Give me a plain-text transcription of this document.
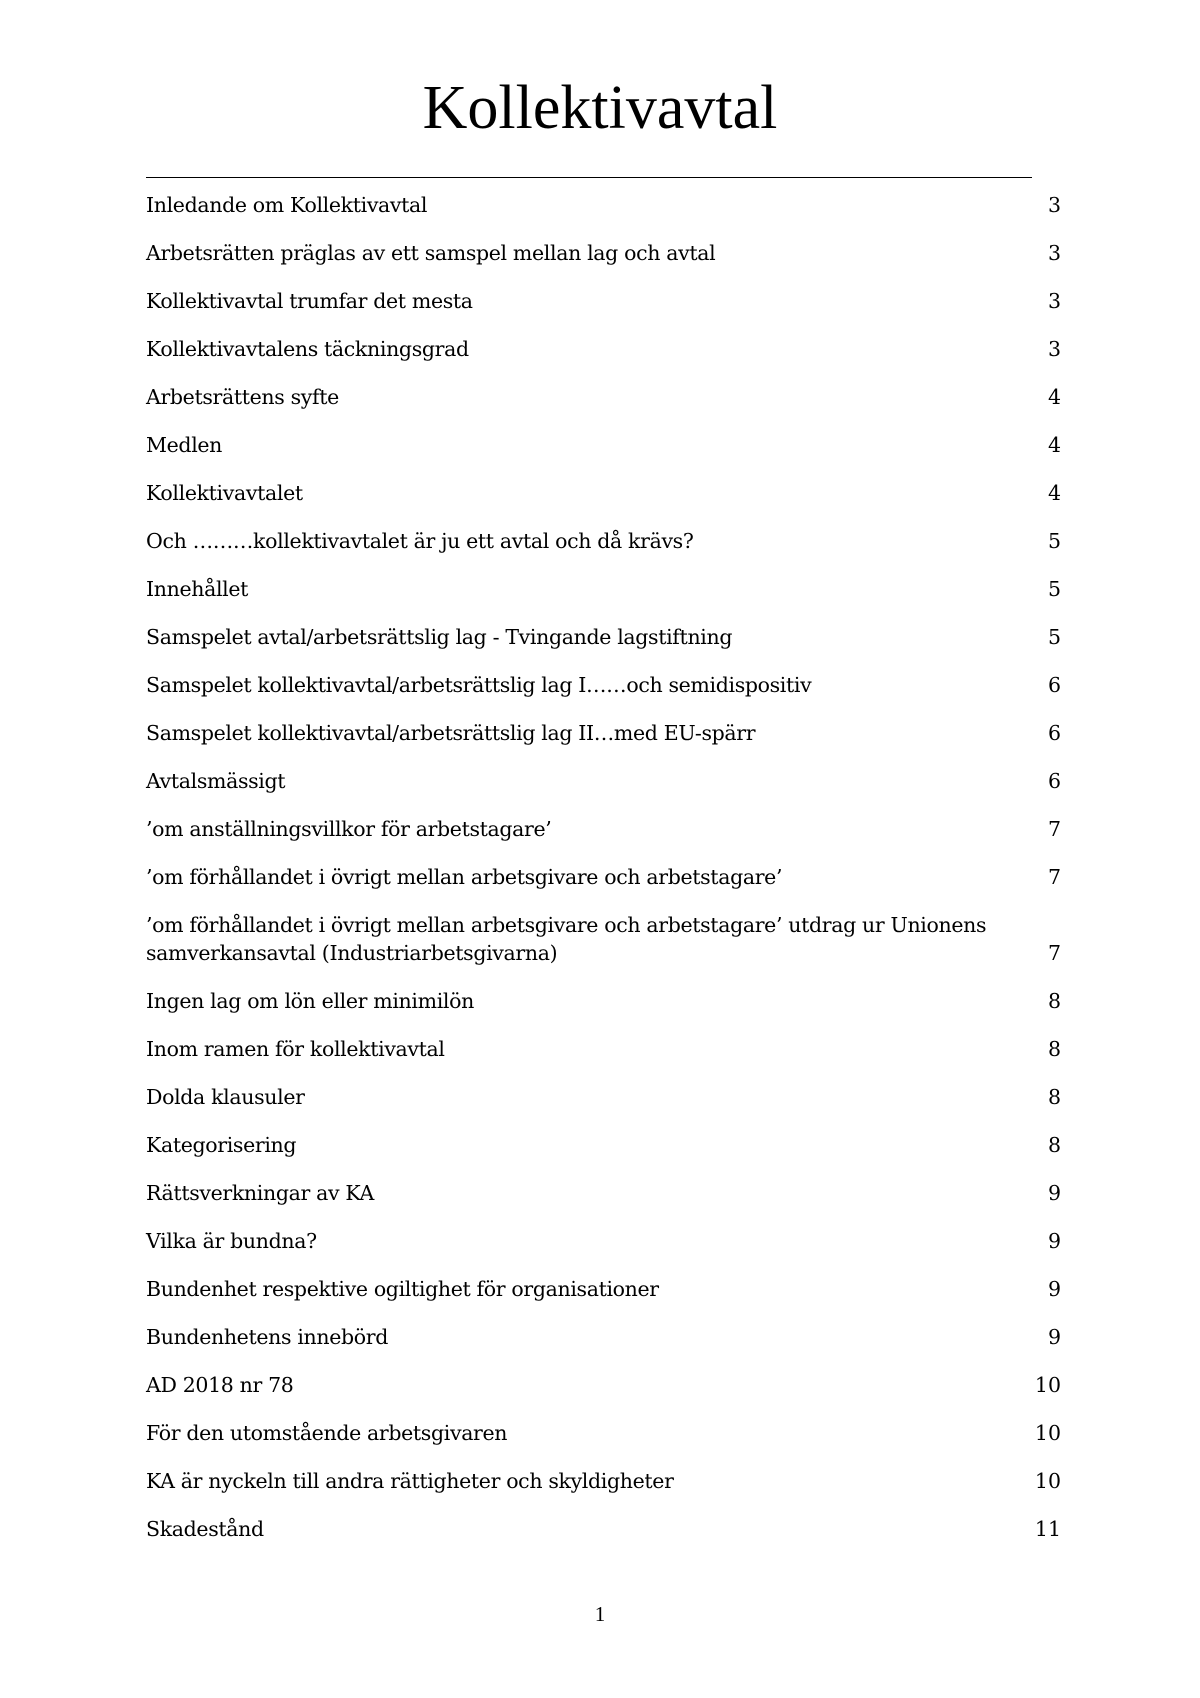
Kollektivavtal
Inledande om Kollektivavtal	3
Arbetsrätten präglas av ett samspel mellan lag och avtal	3
Kollektivavtal trumfar det mesta	3
Kollektivavtalens täckningsgrad	3
Arbetsrättens syfte	4
Medlen	4
Kollektivavtalet	4
Och ………kollektivavtalet är ju ett avtal och då krävs?	5
Innehållet	5
Samspelet avtal/arbetsrättslig lag - Tvingande lagstiftning	5
Samspelet kollektivavtal/arbetsrättslig lag I……och semidispositiv	6
Samspelet kollektivavtal/arbetsrättslig lag II…med EU-spärr	6
Avtalsmässigt	6
’om anställningsvillkor för arbetstagare’	7
’om förhållandet i övrigt mellan arbetsgivare och arbetstagare’	7
’om förhållandet i övrigt mellan arbetsgivare och arbetstagare’ utdrag ur Unionens samverkansavtal (Industriarbetsgivarna)	7
Ingen lag om lön eller minimilön	8
Inom ramen för kollektivavtal	8
Dolda klausuler	8
Kategorisering	8
Rättsverkningar av KA	9
Vilka är bundna?	9
Bundenhet respektive ogiltighet för organisationer	9
Bundenhetens innebörd	9
AD 2018 nr 78	10
För den utomstående arbetsgivaren	10
KA är nyckeln till andra rättigheter och skyldigheter	10
Skadestånd	11
1
